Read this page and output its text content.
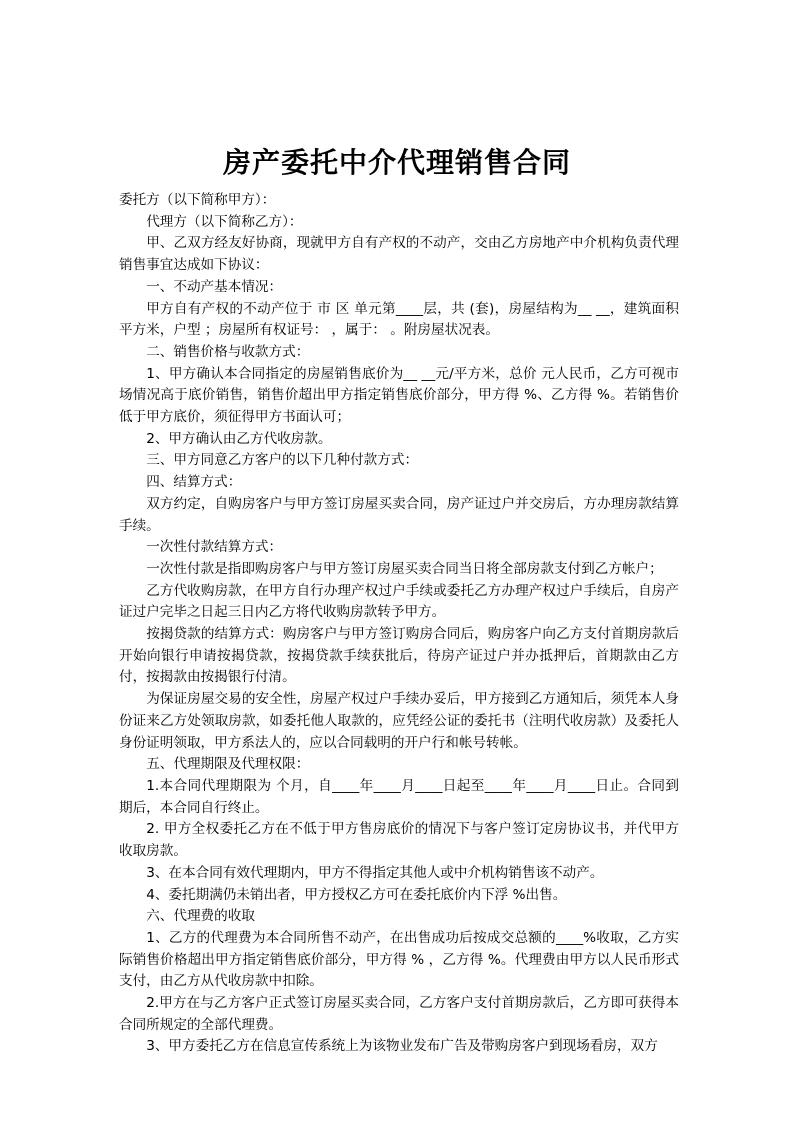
房产委托中介代理销售合同

委托方（以下简称甲方）：

代理方（以下简称乙方）：

甲、乙双方经友好协商，现就甲方自有产权的不动产，交由乙方房地产中介机构负责代理销售事宜达成如下协议：

一、不动产基本情况：

甲方自有产权的不动产位于 市 区 单元第____层，共 (套)，房屋结构为__ __，建筑面积 平方米，户型 ；房屋所有权证号： ，属于： 。附房屋状况表。

二、销售价格与收款方式：

1、甲方确认本合同指定的房屋销售底价为__ __元/平方米，总价 元人民币，乙方可视市场情况高于底价销售，销售价超出甲方指定销售底价部分，甲方得 %、乙方得 %。若销售价低于甲方底价，须征得甲方书面认可；

2、甲方确认由乙方代收房款。

三、甲方同意乙方客户的以下几种付款方式：

四、结算方式：

双方约定，自购房客户与甲方签订房屋买卖合同，房产证过户并交房后，方办理房款结算手续。

一次性付款结算方式：

一次性付款是指即购房客户与甲方签订房屋买卖合同当日将全部房款支付到乙方帐户；

乙方代收购房款，在甲方自行办理产权过户手续或委托乙方办理产权过户手续后，自房产证过户完毕之日起三日内乙方将代收购房款转予甲方。

按揭贷款的结算方式：购房客户与甲方签订购房合同后，购房客户向乙方支付首期房款后开始向银行申请按揭贷款，按揭贷款手续获批后，待房产证过户并办抵押后，首期款由乙方付，按揭款由按揭银行付清。

为保证房屋交易的安全性，房屋产权过户手续办妥后，甲方接到乙方通知后，须凭本人身份证来乙方处领取房款，如委托他人取款的，应凭经公证的委托书（注明代收房款）及委托人身份证明领取，甲方系法人的，应以合同载明的开户行和帐号转帐。

五、代理期限及代理权限：

1.本合同代理期限为 个月，自____年____月____日起至____年____月____日止。合同到期后，本合同自行终止。

2. 甲方全权委托乙方在不低于甲方售房底价的情况下与客户签订定房协议书，并代甲方收取房款。

3、在本合同有效代理期内，甲方不得指定其他人或中介机构销售该不动产。

4、委托期满仍未销出者，甲方授权乙方可在委托底价内下浮 %出售。

六、代理费的收取

1、乙方的代理费为本合同所售不动产，在出售成功后按成交总额的____%收取，乙方实际销售价格超出甲方指定销售底价部分，甲方得 % ，乙方得 %。代理费由甲方以人民币形式支付，由乙方从代收房款中扣除。

2.甲方在与乙方客户正式签订房屋买卖合同，乙方客户支付首期房款后，乙方即可获得本合同所规定的全部代理费。

3、甲方委托乙方在信息宣传系统上为该物业发布广告及带购房客户到现场看房，双方
